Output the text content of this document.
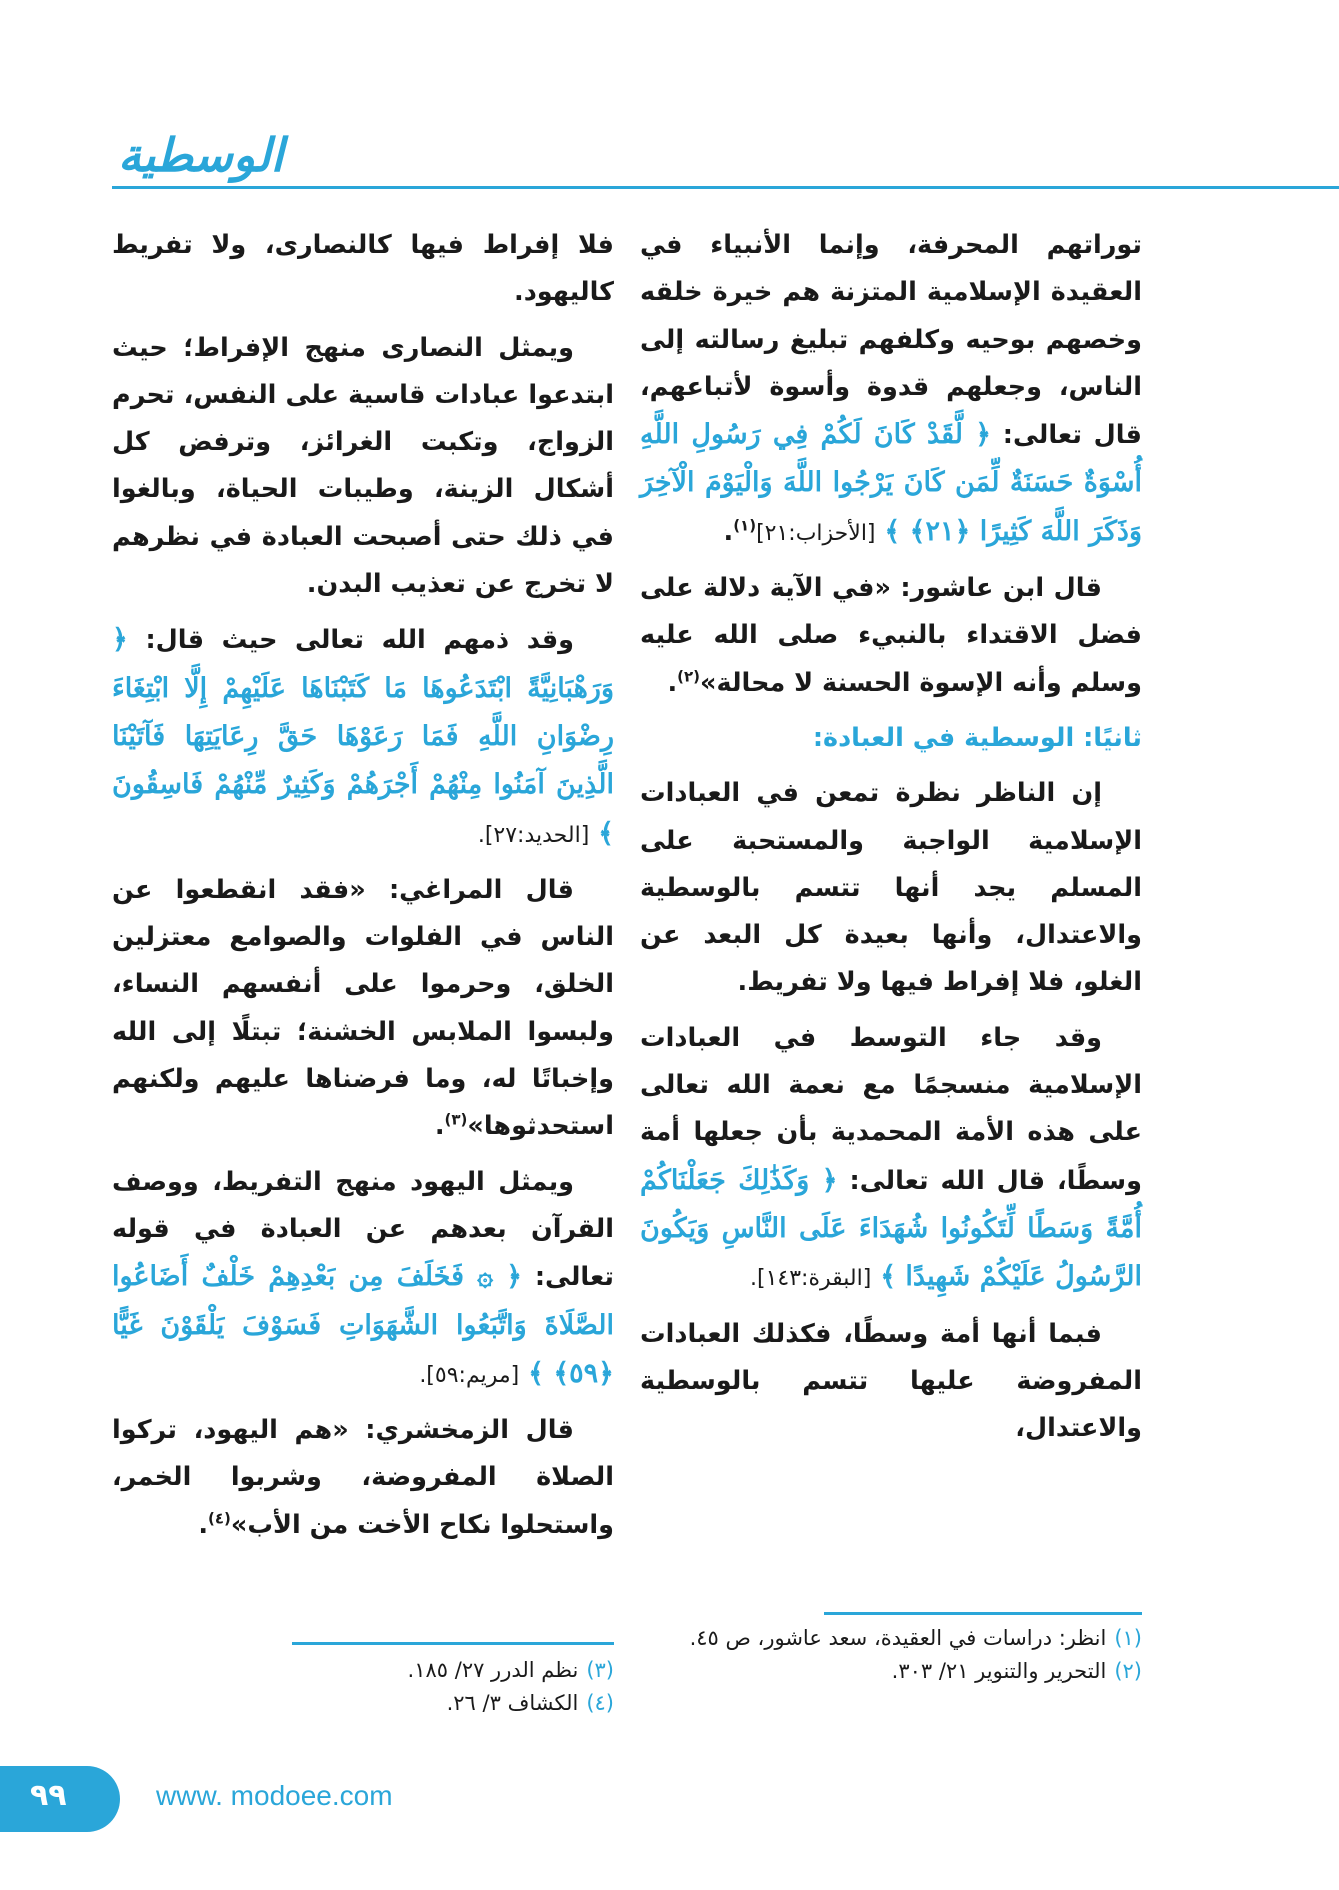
الوسطية

توراتهم المحرفة، وإنما الأنبياء في العقيدة الإسلامية المتزنة هم خيرة خلقه وخصهم بوحيه وكلفهم تبليغ رسالته إلى الناس، وجعلهم قدوة وأسوة لأتباعهم، قال تعالى: ﴿ لَّقَدْ كَانَ لَكُمْ فِي رَسُولِ اللَّهِ أُسْوَةٌ حَسَنَةٌ لِّمَن كَانَ يَرْجُوا اللَّهَ وَالْيَوْمَ الْآخِرَ وَذَكَرَ اللَّهَ كَثِيرًا ﴿٢١﴾ ﴾ [الأحزاب:٢١]$^{(١)}$.

قال ابن عاشور: «في الآية دلالة على فضل الاقتداء بالنبيء صلى الله عليه وسلم وأنه الإسوة الحسنة لا محالة»$^{(٢)}$.

ثانيًا: الوسطية في العبادة:

إن الناظر نظرة تمعن في العبادات الإسلامية الواجبة والمستحبة على المسلم يجد أنها تتسم بالوسطية والاعتدال، وأنها بعيدة كل البعد عن الغلو، فلا إفراط فيها ولا تفريط.

وقد جاء التوسط في العبادات الإسلامية منسجمًا مع نعمة الله تعالى على هذه الأمة المحمدية بأن جعلها أمة وسطًا، قال الله تعالى: ﴿ وَكَذَٰلِكَ جَعَلْنَاكُمْ أُمَّةً وَسَطًا لِّتَكُونُوا شُهَدَاءَ عَلَى النَّاسِ وَيَكُونَ الرَّسُولُ عَلَيْكُمْ شَهِيدًا ﴾ [البقرة:١٤٣].

فبما أنها أمة وسطًا، فكذلك العبادات المفروضة عليها تتسم بالوسطية والاعتدال،

فلا إفراط فيها كالنصارى، ولا تفريط كاليهود.

ويمثل النصارى منهج الإفراط؛ حيث ابتدعوا عبادات قاسية على النفس، تحرم الزواج، وتكبت الغرائز، وترفض كل أشكال الزينة، وطيبات الحياة، وبالغوا في ذلك حتى أصبحت العبادة في نظرهم لا تخرج عن تعذيب البدن.

وقد ذمهم الله تعالى حيث قال: ﴿ وَرَهْبَانِيَّةً ابْتَدَعُوهَا مَا كَتَبْنَاهَا عَلَيْهِمْ إِلَّا ابْتِغَاءَ رِضْوَانِ اللَّهِ فَمَا رَعَوْهَا حَقَّ رِعَايَتِهَا فَآتَيْنَا الَّذِينَ آمَنُوا مِنْهُمْ أَجْرَهُمْ وَكَثِيرٌ مِّنْهُمْ فَاسِقُونَ ﴾ [الحديد:٢٧].

قال المراغي: «فقد انقطعوا عن الناس في الفلوات والصوامع معتزلين الخلق، وحرموا على أنفسهم النساء، ولبسوا الملابس الخشنة؛ تبتلًا إلى الله وإخباتًا له، وما فرضناها عليهم ولكنهم استحدثوها»$^{(٣)}$.

ويمثل اليهود منهج التفريط، ووصف القرآن بعدهم عن العبادة في قوله تعالى: ﴿ ۞ فَخَلَفَ مِن بَعْدِهِمْ خَلْفٌ أَضَاعُوا الصَّلَاةَ وَاتَّبَعُوا الشَّهَوَاتِ فَسَوْفَ يَلْقَوْنَ غَيًّا ﴿٥٩﴾ ﴾ [مريم:٥٩].

قال الزمخشري: «هم اليهود، تركوا الصلاة المفروضة، وشربوا الخمر، واستحلوا نكاح الأخت من الأب»$^{(٤)}$.

(١)انظر: دراسات في العقيدة، سعد عاشور، ص ٤٥.

(٢)التحرير والتنوير ٢١/ ٣٠٣.

(٣)نظم الدرر ٢٧/ ١٨٥.

(٤)الكشاف ٣/ ٢٦.

٩٩	www. modoee.com
